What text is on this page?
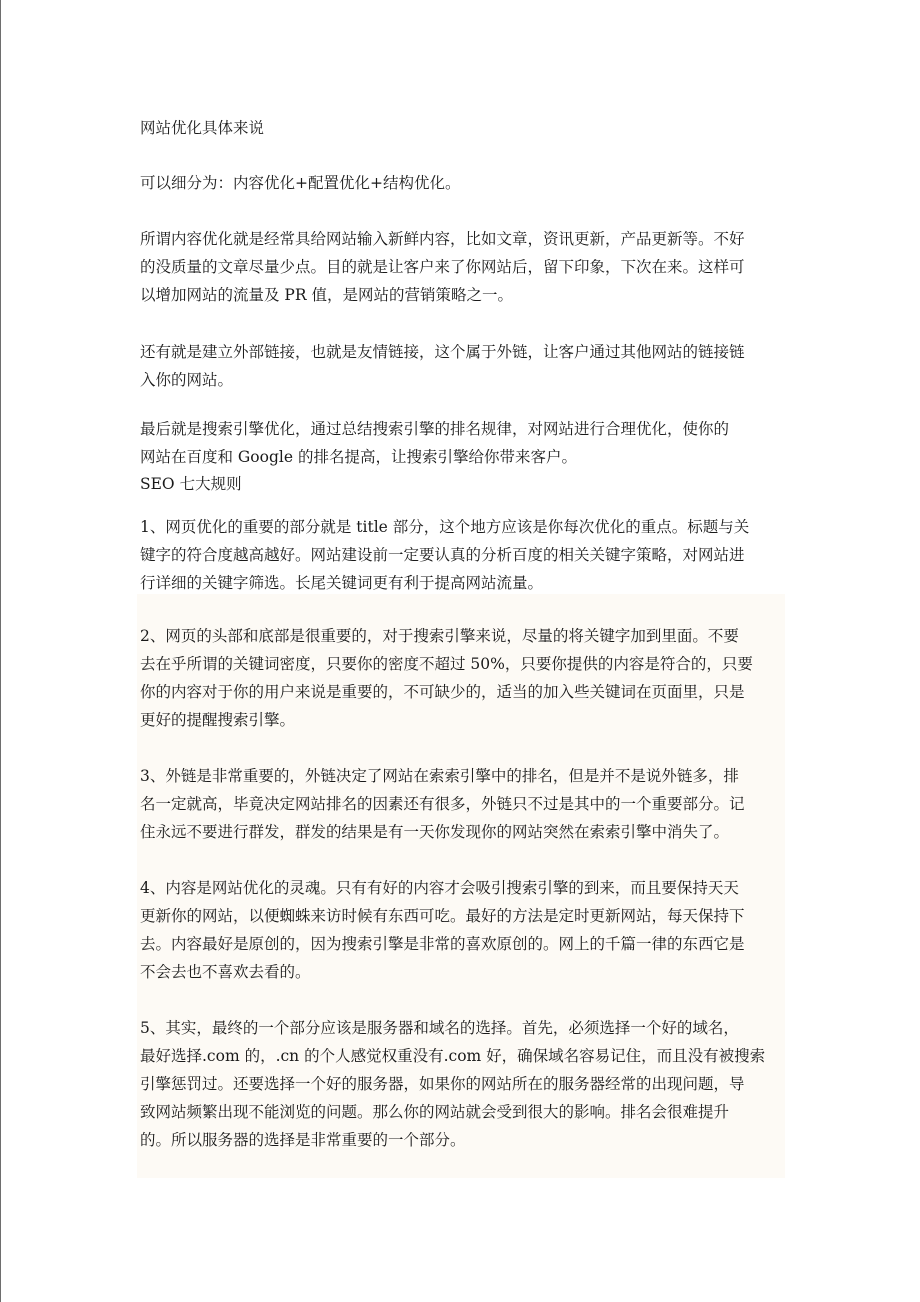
网站优化具体来说

可以细分为：内容优化+配置优化+结构优化。

所谓内容优化就是经常具给网站输入新鲜内容，比如文章，资讯更新，产品更新等。不好
的没质量的文章尽量少点。目的就是让客户来了你网站后，留下印象，下次在来。这样可
以增加网站的流量及 PR 值，是网站的营销策略之一。

还有就是建立外部链接，也就是友情链接，这个属于外链，让客户通过其他网站的链接链
入你的网站。

最后就是搜索引擎优化，通过总结搜索引擎的排名规律，对网站进行合理优化，使你的
网站在百度和 Google 的排名提高，让搜索引擎给你带来客户。

SEO 七大规则

1、网页优化的重要的部分就是 title 部分，这个地方应该是你每次优化的重点。标题与关
键字的符合度越高越好。网站建设前一定要认真的分析百度的相关关键字策略，对网站进
行详细的关键字筛选。长尾关键词更有利于提高网站流量。

2、网页的头部和底部是很重要的，对于搜索引擎来说，尽量的将关键字加到里面。不要
去在乎所谓的关键词密度，只要你的密度不超过 50%，只要你提供的内容是符合的，只要
你的内容对于你的用户来说是重要的，不可缺少的，适当的加入些关键词在页面里，只是
更好的提醒搜索引擎。

3、外链是非常重要的，外链决定了网站在索索引擎中的排名，但是并不是说外链多，排
名一定就高，毕竟决定网站排名的因素还有很多，外链只不过是其中的一个重要部分。记
住永远不要进行群发，群发的结果是有一天你发现你的网站突然在索索引擎中消失了。

4、内容是网站优化的灵魂。只有有好的内容才会吸引搜索引擎的到来，而且要保持天天
更新你的网站，以便蜘蛛来访时候有东西可吃。最好的方法是定时更新网站，每天保持下
去。内容最好是原创的，因为搜索引擎是非常的喜欢原创的。网上的千篇一律的东西它是
不会去也不喜欢去看的。

5、其实，最终的一个部分应该是服务器和域名的选择。首先，必须选择一个好的域名，
最好选择.com 的，.cn 的个人感觉权重没有.com 好，确保域名容易记住，而且没有被搜索
引擎惩罚过。还要选择一个好的服务器，如果你的网站所在的服务器经常的出现问题，导
致网站频繁出现不能浏览的问题。那么你的网站就会受到很大的影响。排名会很难提升
的。所以服务器的选择是非常重要的一个部分。
